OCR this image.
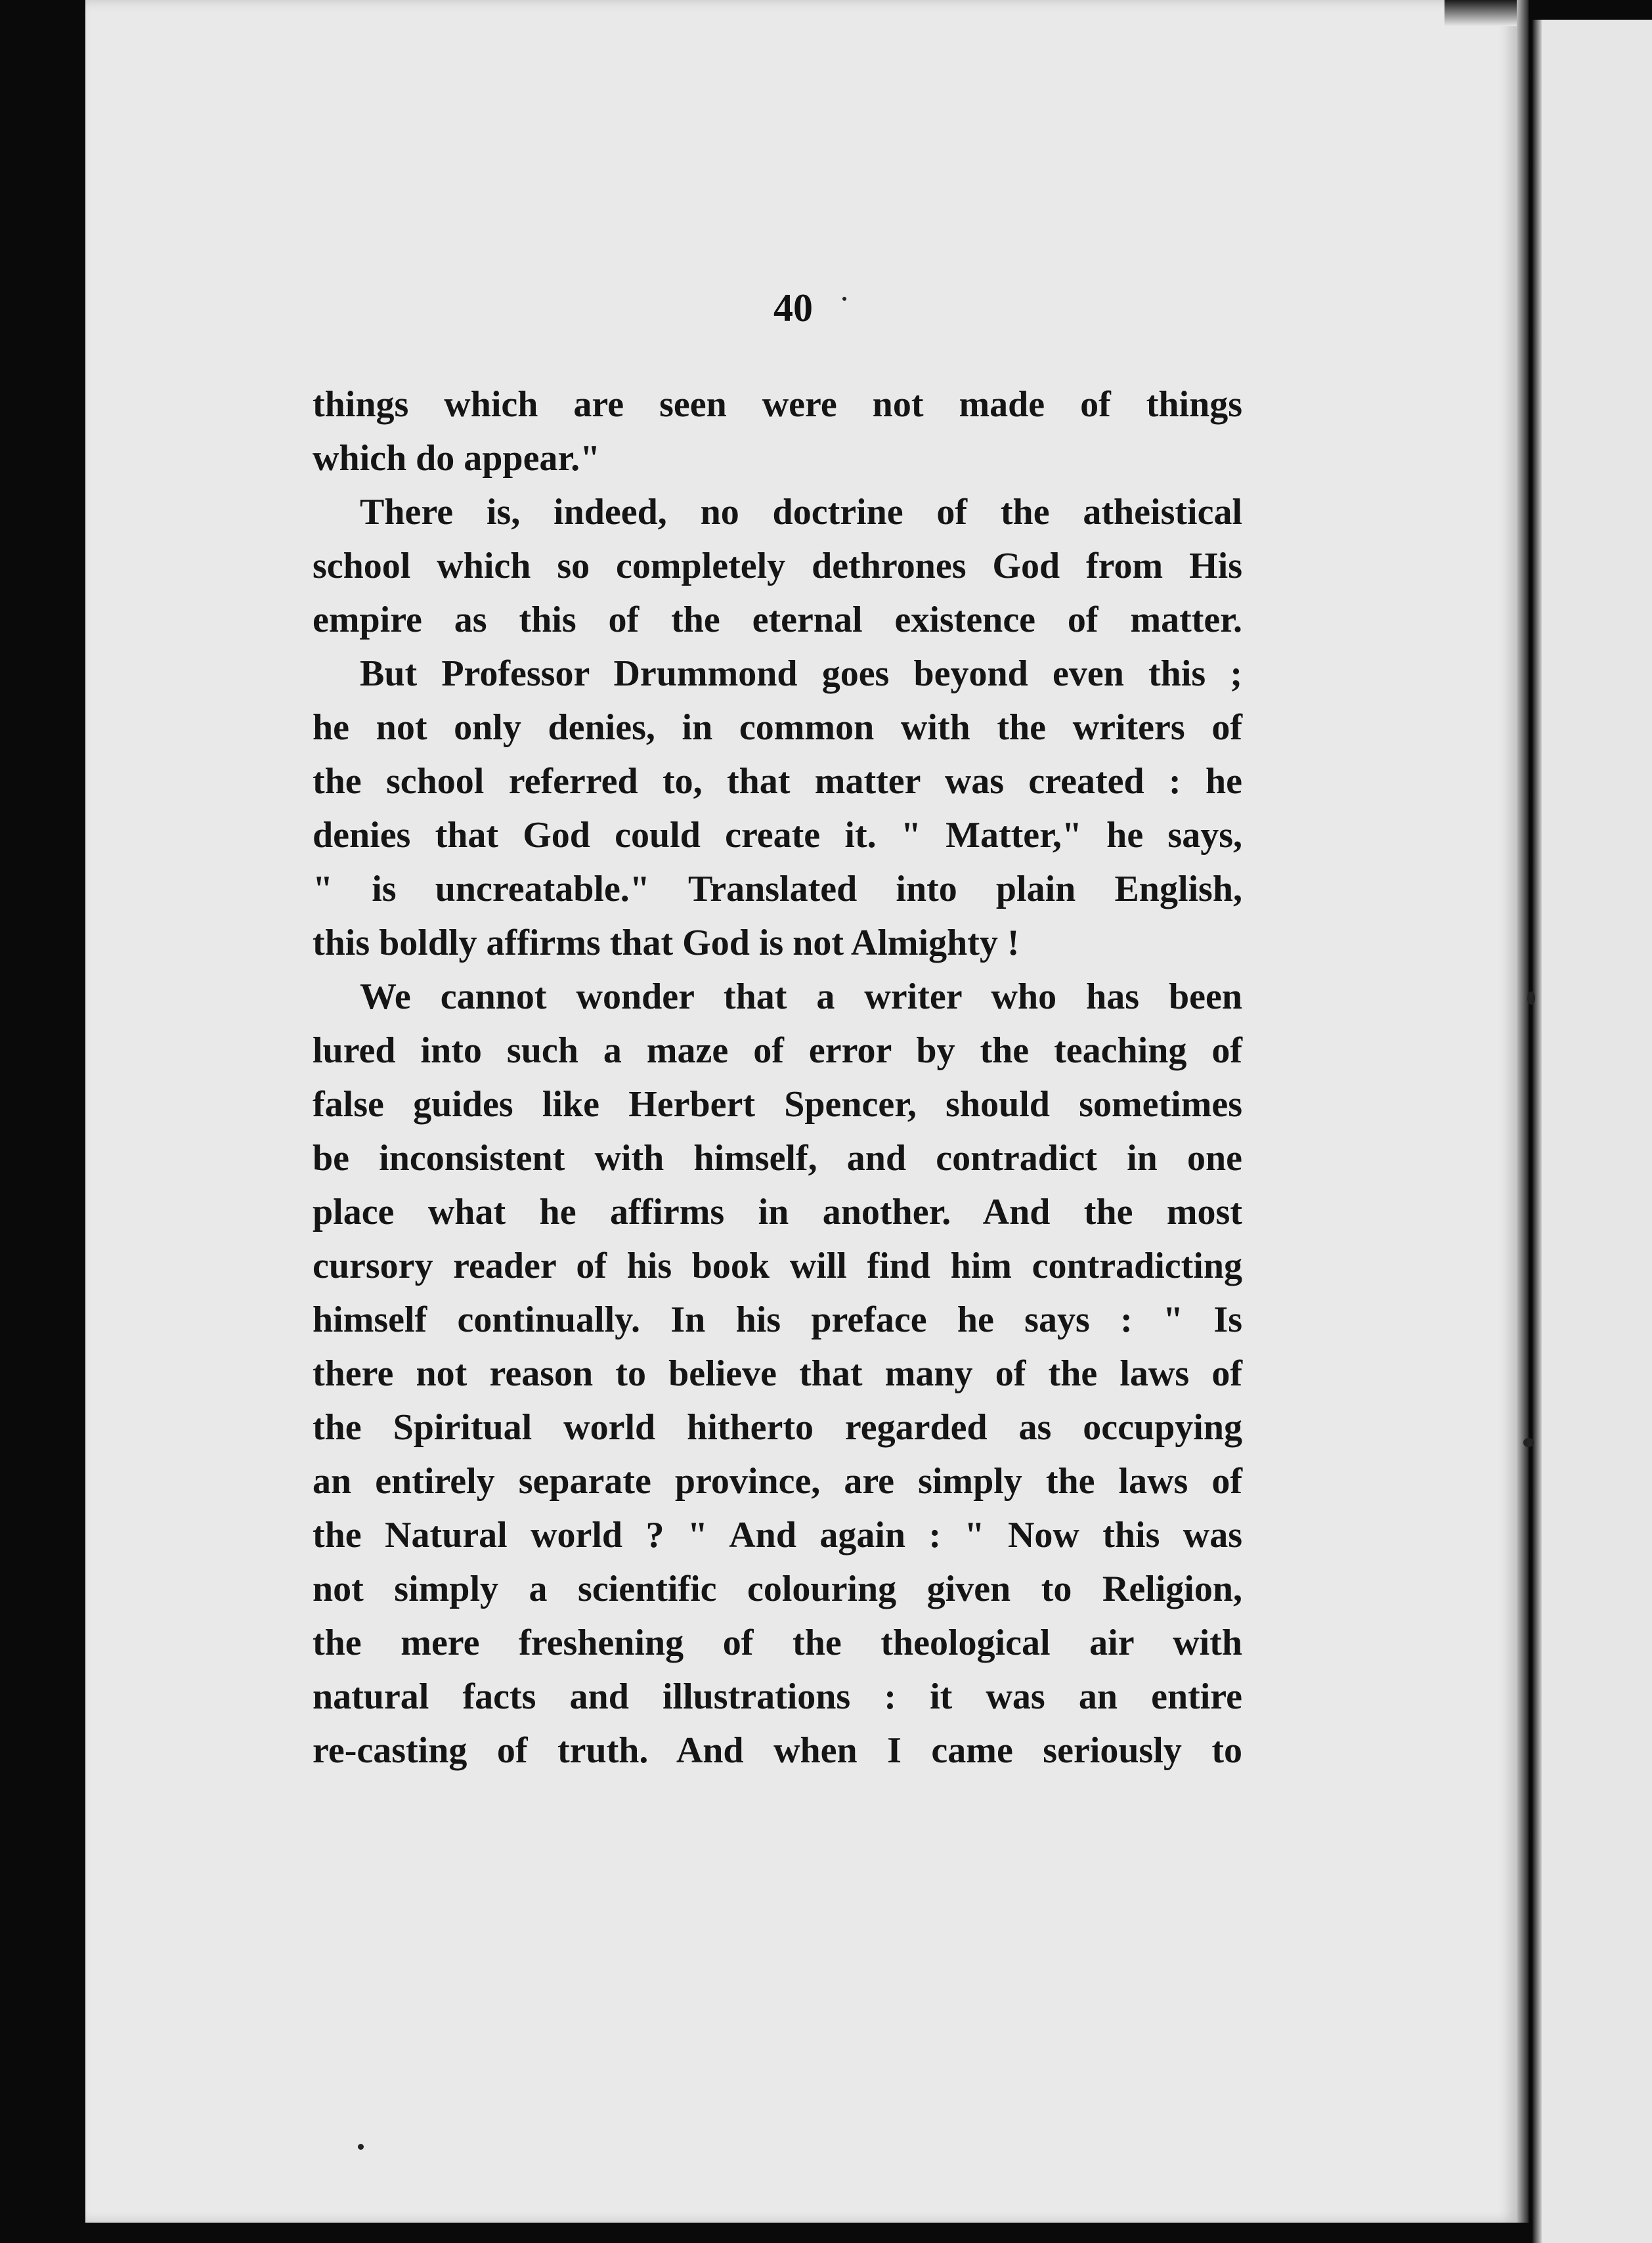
40
things which are seen were not made of things
which do appear."
There is, indeed, no doctrine of the atheistical
school which so completely dethrones God from His
empire as this of the eternal existence of matter.
But Professor Drummond goes beyond even this ;
he not only denies, in common with the writers of
the school referred to, that matter was created : he
denies that God could create it. " Matter," he says,
" is uncreatable." Translated into plain English,
this boldly affirms that God is not Almighty !
We cannot wonder that a writer who has been
lured into such a maze of error by the teaching of
false guides like Herbert Spencer, should sometimes
be inconsistent with himself, and contradict in one
place what he affirms in another. And the most
cursory reader of his book will find him contradicting
himself continually. In his preface he says : " Is
there not reason to believe that many of the laws of
the Spiritual world hitherto regarded as occupying
an entirely separate province, are simply the laws of
the Natural world ? " And again : " Now this was
not simply a scientific colouring given to Religion,
the mere freshening of the theological air with
natural facts and illustrations : it was an entire
re-casting of truth. And when I came seriously to
